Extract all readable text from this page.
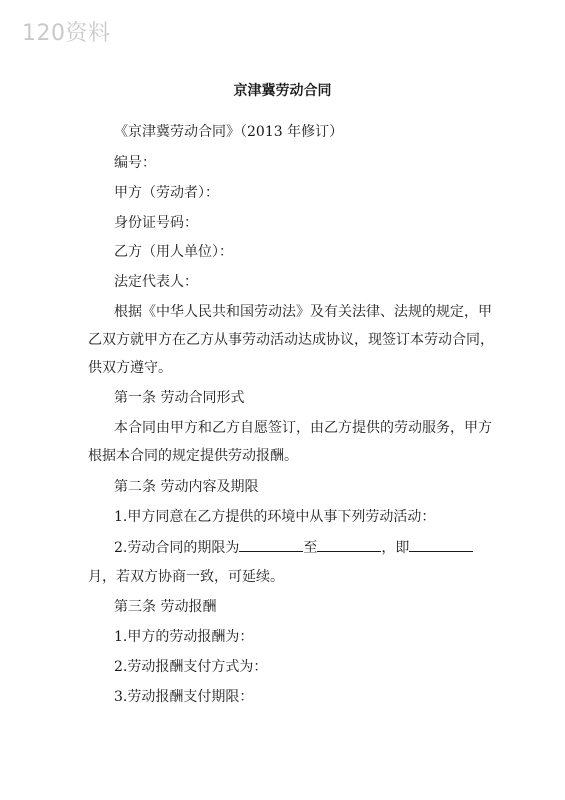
120资料
京津冀劳动合同
《京津冀劳动合同》（2013 年修订）
编号：
甲方（劳动者）：
身份证号码：
乙方（用人单位）：
法定代表人：
根据《中华人民共和国劳动法》及有关法律、法规的规定，甲
乙双方就甲方在乙方从事劳动活动达成协议，现签订本劳动合同，
供双方遵守。
第一条 劳动合同形式
本合同由甲方和乙方自愿签订，由乙方提供的劳动服务，甲方
根据本合同的规定提供劳动报酬。
第二条 劳动内容及期限
1.甲方同意在乙方提供的环境中从事下列劳动活动：
2.劳动合同的期限为	至	，即
月，若双方协商一致，可延续。
第三条 劳动报酬
1.甲方的劳动报酬为：
2.劳动报酬支付方式为：
3.劳动报酬支付期限：
